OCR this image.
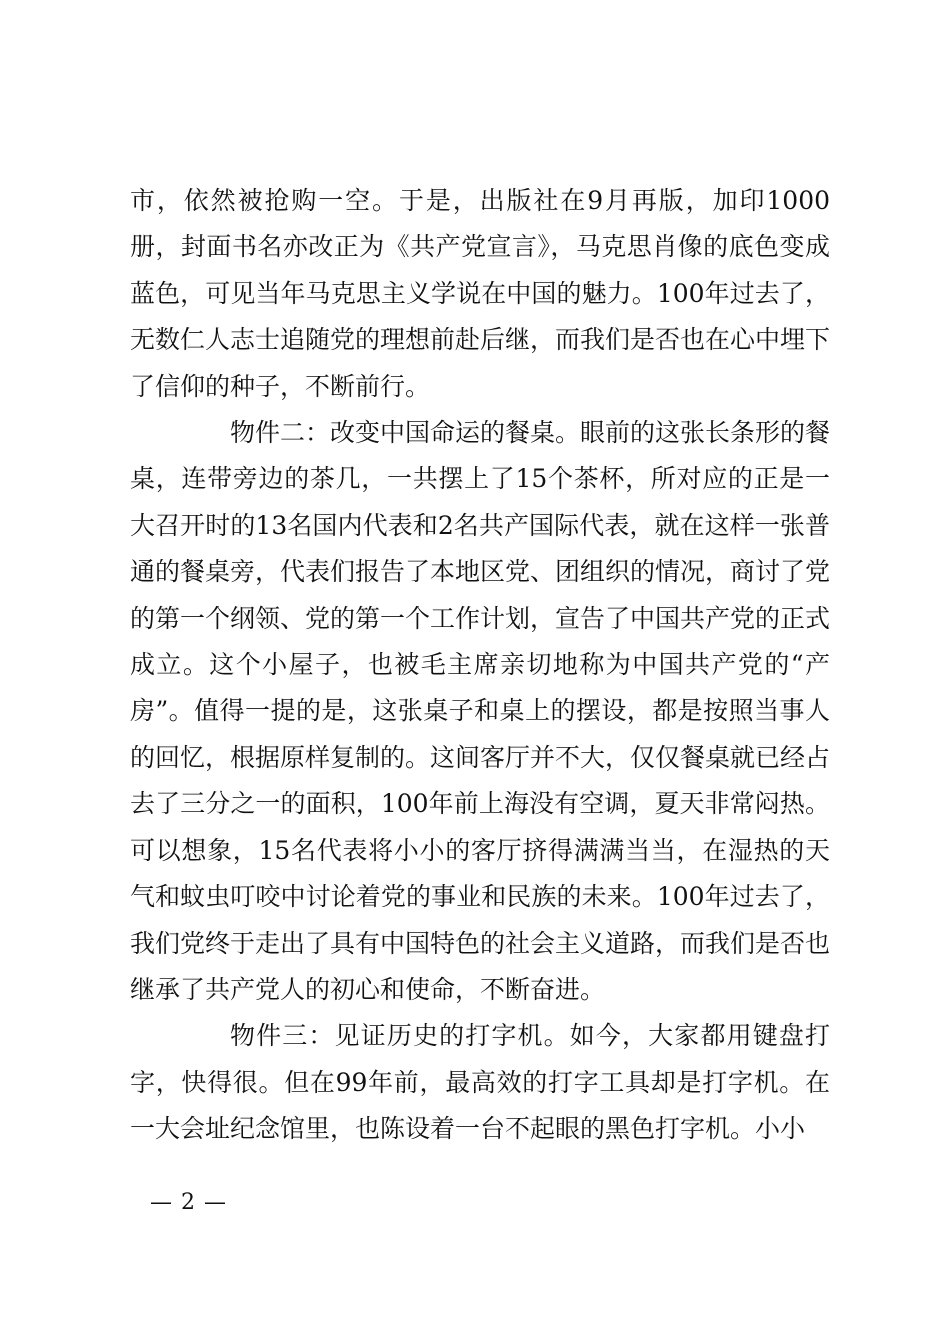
市，依然被抢购一空。于是，出版社在9月再版，加印1000册，封面书名亦改正为《共产党宣言》，马克思肖像的底色变成蓝色，可见当年马克思主义学说在中国的魅力。100年过去了，无数仁人志士追随党的理想前赴后继，而我们是否也在心中埋下了信仰的种子，不断前行。

物件二：改变中国命运的餐桌。眼前的这张长条形的餐桌，连带旁边的茶几，一共摆上了15个茶杯，所对应的正是一大召开时的13名国内代表和2名共产国际代表，就在这样一张普通的餐桌旁，代表们报告了本地区党、团组织的情况，商讨了党的第一个纲领、党的第一个工作计划，宣告了中国共产党的正式成立。这个小屋子，也被毛主席亲切地称为中国共产党的“产房”。值得一提的是，这张桌子和桌上的摆设，都是按照当事人的回忆，根据原样复制的。这间客厅并不大，仅仅餐桌就已经占去了三分之一的面积，100年前上海没有空调，夏天非常闷热。可以想象，15名代表将小小的客厅挤得满满当当，在湿热的天气和蚊虫叮咬中讨论着党的事业和民族的未来。100年过去了，我们党终于走出了具有中国特色的社会主义道路，而我们是否也继承了共产党人的初心和使命，不断奋进。

物件三：见证历史的打字机。如今，大家都用键盘打字，快得很。但在99年前，最高效的打字工具却是打字机。在一大会址纪念馆里，也陈设着一台不起眼的黑色打字机。小小

— 2 —
